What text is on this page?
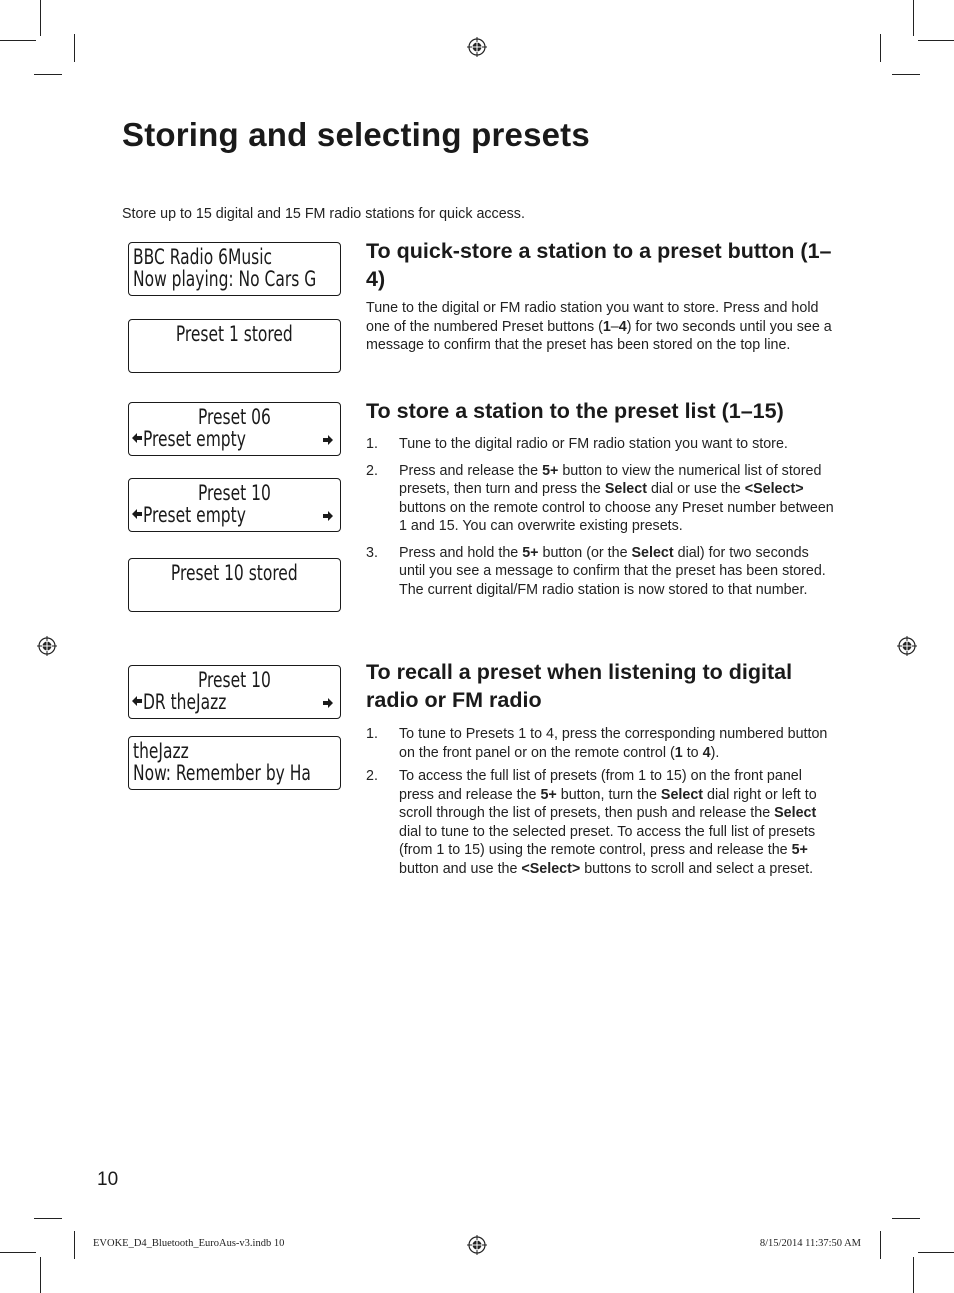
Storing and selecting presets

Store up to 15 digital and 15 FM radio stations for quick access.

BBC Radio 6Music
Now playing: No Cars G
Preset 1 stored
Preset 06
Preset empty
Preset 10
Preset empty
Preset 10 stored
Preset 10
DR theJazz
theJazz
Now: Remember by Ha
To quick-store a station to a preset button (1–4)

Tune to the digital or FM radio station you want to store. Press and hold one of the numbered Preset buttons (1–4) for two seconds until you see a message to confirm that the preset has been stored on the top line.

To store a station to the preset list (1–15)
1. Tune to the digital radio or FM radio station you want to store.
2. Press and release the 5+ button to view the numerical list of stored presets, then turn and press the Select dial or use the <Select> buttons on the remote control to choose any Preset number between 1 and 15. You can overwrite existing presets.
3. Press and hold the 5+ button (or the Select dial) for two seconds until you see a message to confirm that the preset has been stored. The current digital/FM radio station is now stored to that number.
To recall a preset when listening to digital radio or FM radio
1. To tune to Presets 1 to 4, press the corresponding numbered button on the front panel or on the remote control (1 to 4).
2. To access the full list of presets (from 1 to 15) on the front panel press and release the 5+ button, turn the Select dial right or left to scroll through the list of presets, then push and release the Select dial to tune to the selected preset. To access the full list of presets (from 1 to 15) using the remote control, press and release the 5+ button and use the <Select> buttons to scroll and select a preset.

10

EVOKE_D4_Bluetooth_EuroAus-v3.indb 10	8/15/2014 11:37:50 AM
